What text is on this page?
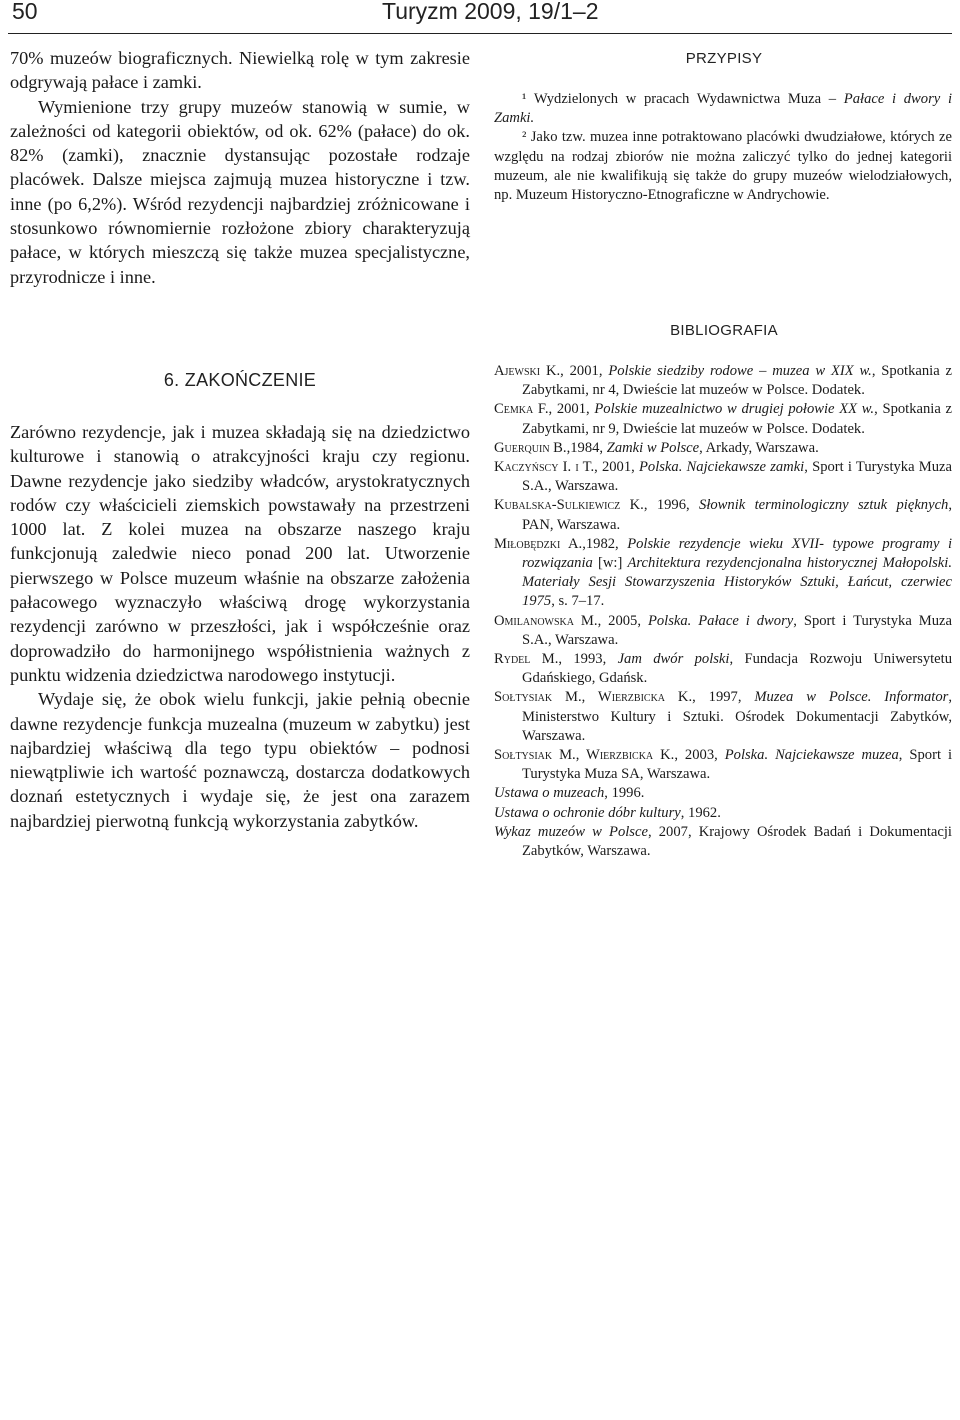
50	Turyzm 2009, 19/1–2

70% muzeów biograficznych. Niewielką rolę w tym zakresie odgrywają pałace i zamki.

Wymienione trzy grupy muzeów stanowią w sumie, w zależności od kategorii obiektów, od ok. 62% (pałace) do ok. 82% (zamki), znacznie dystansując pozostałe rodzaje placówek. Dalsze miejsca zajmują muzea historyczne i tzw. inne (po 6,2%). Wśród rezydencji najbardziej zróżnicowane i stosunkowo równomiernie rozłożone zbiory charakteryzują pałace, w których mieszczą się także muzea specjalistyczne, przyrodnicze i inne.

6. ZAKOŃCZENIE

Zarówno rezydencje, jak i muzea składają się na dziedzictwo kulturowe i stanowią o atrakcyjności kraju czy regionu. Dawne rezydencje jako siedziby władców, arystokratycznych rodów czy właścicieli ziemskich powstawały na przestrzeni 1000 lat. Z kolei muzea na obszarze naszego kraju funkcjonują zaledwie nieco ponad 200 lat. Utworzenie pierwszego w Polsce muzeum właśnie na obszarze założenia pałacowego wyznaczyło właściwą drogę wykorzystania rezydencji zarówno w przeszłości, jak i współcześnie oraz doprowadziło do harmonijnego współistnienia ważnych z punktu widzenia dziedzictwa narodowego instytucji.

Wydaje się, że obok wielu funkcji, jakie pełnią obecnie dawne rezydencje funkcja muzealna (muzeum w zabytku) jest najbardziej właściwą dla tego typu obiektów – podnosi niewątpliwie ich wartość poznawczą, dostarcza dodatkowych doznań estetycznych i wydaje się, że jest ona zarazem najbardziej pierwotną funkcją wykorzystania zabytków.

PRZYPISY

¹ Wydzielonych w pracach Wydawnictwa Muza – Pałace i dwory i Zamki.

² Jako tzw. muzea inne potraktowano placówki dwudziałowe, których ze względu na rodzaj zbiorów nie można zaliczyć tylko do jednej kategorii muzeum, ale nie kwalifikują się także do grupy muzeów wielodziałowych, np. Muzeum Historyczno-Etnograficzne w Andrychowie.

BIBLIOGRAFIA

Ajewski K., 2001, Polskie siedziby rodowe – muzea w XIX w., Spotkania z Zabytkami, nr 4, Dwieście lat muzeów w Polsce. Dodatek.

Cemka F., 2001, Polskie muzealnictwo w drugiej połowie XX w., Spotkania z Zabytkami, nr 9, Dwieście lat muzeów w Polsce. Dodatek.

Guerquin B.,1984, Zamki w Polsce, Arkady, Warszawa.

Kaczyńscy I. i T., 2001, Polska. Najciekawsze zamki, Sport i Turystyka Muza S.A., Warszawa.

Kubalska-Sulkiewicz K., 1996, Słownik terminologiczny sztuk pięknych, PAN, Warszawa.

Miłobędzki A.,1982, Polskie rezydencje wieku XVII- typowe programy i rozwiązania [w:] Architektura rezydencjonalna historycznej Małopolski. Materiały Sesji Stowarzyszenia Historyków Sztuki, Łańcut, czerwiec 1975, s. 7–17.

Omilanowska M., 2005, Polska. Pałace i dwory, Sport i Turystyka Muza S.A., Warszawa.

Rydel M., 1993, Jam dwór polski, Fundacja Rozwoju Uniwersytetu Gdańskiego, Gdańsk.

Sołtysiak M., Wierzbicka K., 1997, Muzea w Polsce. Informator, Ministerstwo Kultury i Sztuki. Ośrodek Dokumentacji Zabytków, Warszawa.

Sołtysiak M., Wierzbicka K., 2003, Polska. Najciekawsze muzea, Sport i Turystyka Muza SA, Warszawa.

Ustawa o muzeach, 1996.

Ustawa o ochronie dóbr kultury, 1962.

Wykaz muzeów w Polsce, 2007, Krajowy Ośrodek Badań i Dokumentacji Zabytków, Warszawa.
